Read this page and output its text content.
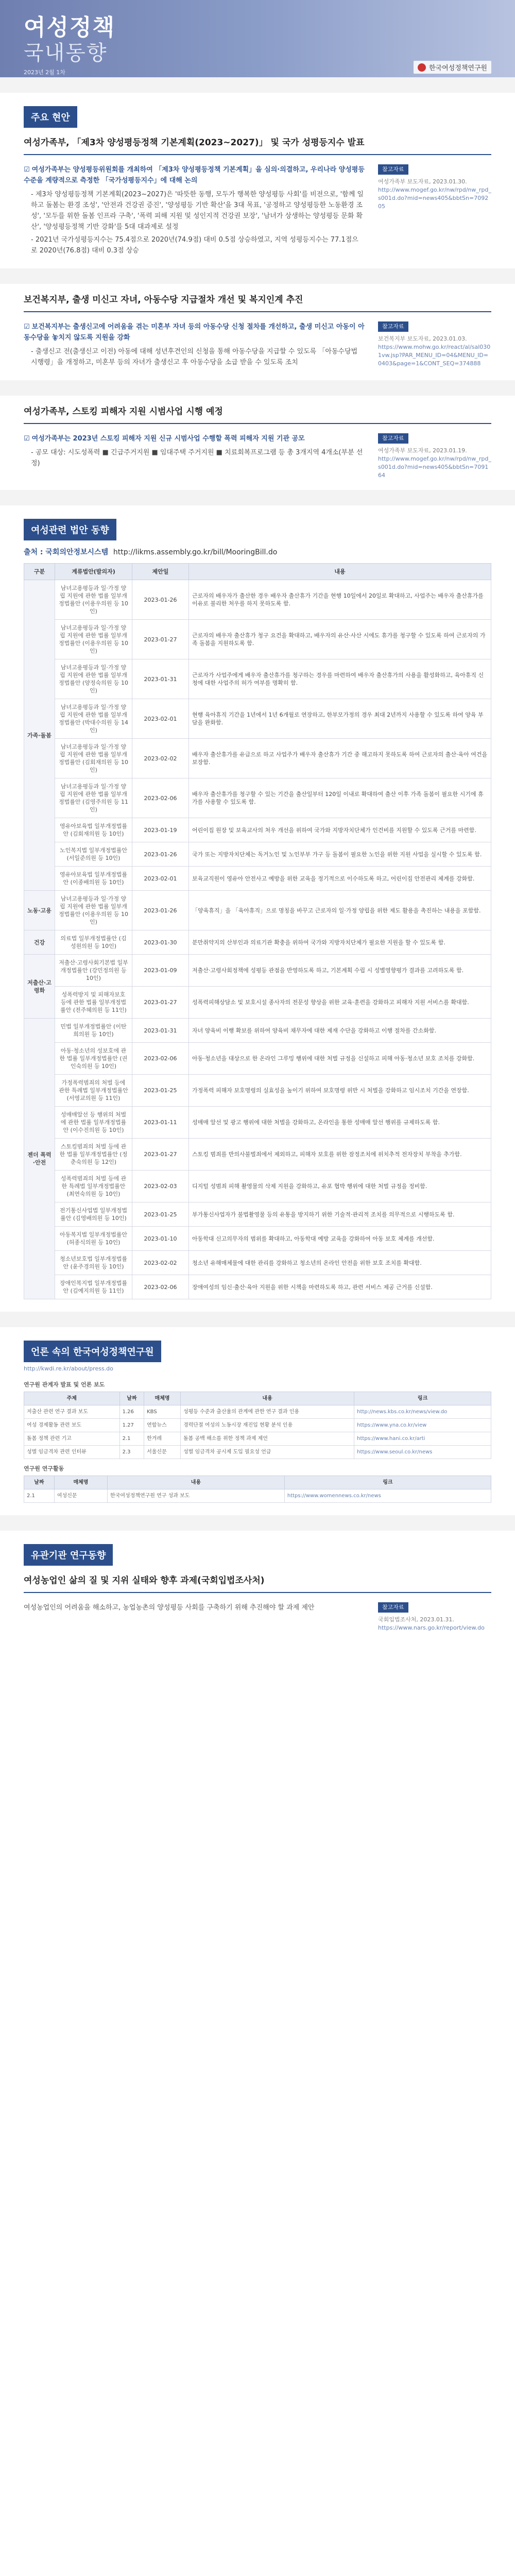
여성정책
국내동향
2023년 2월 1차
한국여성정책연구원
주요 현안
여성가족부, 「제3차 양성평등정책 기본계획(2023~2027)」 및 국가 성평등지수 발표
☑ 여성가족부는 양성평등위원회를 개최하여 「제3차 양성평등정책 기본계획」을 심의·의결하고, 우리나라 양성평등 수준을 계량적으로 측정한 「국가성평등지수」에 대해 논의
- 제3차 양성평등정책 기본계획(2023~2027)은 '따뜻한 동행, 모두가 행복한 양성평등 사회'를 비전으로, '함께 일하고 돌봄는 환경 조성', '안전과 건강권 증진', '양성평등 기반 확산'을 3대 목표, '공정하고 양성평등한 노동환경 조성', '모두를 위한 돌봄 인프라 구축', '폭력 피해 지원 및 성인지적 건강권 보장', '남녀가 상생하는 양성평등 문화 확산', '양성평등정책 기반 강화'를 5대 대과제로 설정
- 2021년 국가성평등지수는 75.4점으로 2020년(74.9점) 대비 0.5점 상승하였고, 지역 성평등지수는 77.1점으로 2020년(76.8점) 대비 0.3점 상승
참고자료
여성가족부 보도자료, 2023.01.30.
http://www.mogef.go.kr/nw/rpd/nw_rpd_s001d.do?mid=news405&bbtSn=709205
보건복지부, 출생 미신고 자녀, 아동수당 지급절차 개선 및 복지인계 추진
☑ 보건복지부는 출생신고에 어려움을 겪는 미혼부 자녀 등의 아동수당 신청 절차를 개선하고, 출생 미신고 아동이 아동수당을 놓치지 않도록 지원을 강화
- 출생신고 전(출생신고 이전) 아동에 대해 성년후견인의 신청을 통해 아동수당을 지급할 수 있도록 「아동수당법 시행령」을 개정하고, 미혼부 등의 자녀가 출생신고 후 아동수당을 소급 받을 수 있도록 조치
참고자료
보건복지부 보도자료, 2023.01.03.
https://www.mohw.go.kr/react/al/sal0301vw.jsp?PAR_MENU_ID=04&MENU_ID=0403&page=1&CONT_SEQ=374888
여성가족부, 스토킹 피해자 지원 시범사업 시행 예정
☑ 여성가족부는 2023년 스토킹 피해자 지원 신규 시범사업 수행할 폭력 피해자 지원 기관 공모
- 공모 대상: 시도성폭력 ■ 긴급주거지원 ■ 임대주택 주거지원 ■ 치료회복프로그램 등 총 3개지역 4개소(부분 선정)
참고자료
여성가족부 보도자료, 2023.01.19.
http://www.mogef.go.kr/nw/rpd/nw_rpd_s001d.do?mid=news405&bbtSn=709164
여성관련 법안 동향
출처 : 국회의안정보시스템 http://likms.assembly.go.kr/bill/MooringBill.do
구분	계류법안(발의자)	제안일	내용
가족·돌봄	남녀고용평등과 일·가정 양립 지원에 관한 법률 일부개정법률안 (이용우의원 등 10인)	2023-01-26	근로자의 배우자가 출산한 경우 배우자 출산휴가 기간을 현행 10일에서 20일로 확대하고, 사업주는 배우자 출산휴가를 이유로 불리한 처우를 하지 못하도록 함.
	남녀고용평등과 일·가정 양립 지원에 관한 법률 일부개정법률안 (이용우의원 등 10인)	2023-01-27	근로자의 배우자 출산휴가 청구 요건을 확대하고, 배우자의 유산·사산 시에도 휴가를 청구할 수 있도록 하여 근로자의 가족 돌봄을 지원하도록 함.
	남녀고용평등과 일·가정 양립 지원에 관한 법률 일부개정법률안 (양정숙의원 등 10인)	2023-01-31	근로자가 사업주에게 배우자 출산휴가를 청구하는 경우를 마련하여 배우자 출산휴가의 사용을 활성화하고, 육아휴직 신청에 대한 사업주의 허가 여부를 명확히 함.
	남녀고용평등과 일·가정 양립 지원에 관한 법률 일부개정법률안 (박대수의원 등 14인)	2023-02-01	현행 육아휴직 기간을 1년에서 1년 6개월로 연장하고, 한부모가정의 경우 최대 2년까지 사용할 수 있도록 하여 양육 부담을 완화함.
	남녀고용평등과 일·가정 양립 지원에 관한 법률 일부개정법률안 (김회재의원 등 10인)	2023-02-02	배우자 출산휴가를 유급으로 하고 사업주가 배우자 출산휴가 기간 중 해고하지 못하도록 하여 근로자의 출산·육아 여건을 보장함.
	남녀고용평등과 일·가정 양립 지원에 관한 법률 일부개정법률안 (김영주의원 등 11인)	2023-02-06	배우자 출산휴가를 청구할 수 있는 기간을 출산일부터 120일 이내로 확대하여 출산 이후 가족 돌봄이 필요한 시기에 휴가를 사용할 수 있도록 함.
	영유아보육법 일부개정법률안 (김회재의원 등 10인)	2023-01-19	어린이집 원장 및 보육교사의 처우 개선을 위하여 국가와 지방자치단체가 인건비를 지원할 수 있도록 근거를 마련함.
	노인복지법 일부개정법률안 (서일준의원 등 10인)	2023-01-26	국가 또는 지방자치단체는 독거노인 및 노인부부 가구 등 돌봄이 필요한 노인을 위한 지원 사업을 실시할 수 있도록 함.
	영유아보육법 일부개정법률안 (이종배의원 등 10인)	2023-02-01	보육교직원이 영유아 안전사고 예방을 위한 교육을 정기적으로 이수하도록 하고, 어린이집 안전관리 체계를 강화함.
노동·고용	남녀고용평등과 일·가정 양립 지원에 관한 법률 일부개정법률안 (이용우의원 등 10인)	2023-01-26	「양육휴직」을 「육아휴직」으로 명칭을 바꾸고 근로자의 일·가정 양립을 위한 제도 활용을 촉진하는 내용을 포함함.
건강	의료법 일부개정법률안 (김성원의원 등 10인)	2023-01-30	분만취약지의 산부인과 의료기관 확충을 위하여 국가와 지방자치단체가 필요한 지원을 할 수 있도록 함.
저출산·고령화	저출산·고령사회기본법 일부개정법률안 (강민정의원 등 10인)	2023-01-09	저출산·고령사회정책에 성평등 관점을 반영하도록 하고, 기본계획 수립 시 성별영향평가 결과를 고려하도록 함.
	성폭력방지 및 피해자보호 등에 관한 법률 일부개정법률안 (전주혜의원 등 11인)	2023-01-27	성폭력피해상담소 및 보호시설 종사자의 전문성 향상을 위한 교육·훈련을 강화하고 피해자 지원 서비스를 확대함.
젠더 폭력·안전	민법 일부개정법률안 (이탄희의원 등 10인)	2023-01-31	자녀 양육비 이행 확보를 위하여 양육비 채무자에 대한 제재 수단을 강화하고 이행 절차를 간소화함.
	아동·청소년의 성보호에 관한 법률 일부개정법률안 (권인숙의원 등 10인)	2023-02-06	아동·청소년을 대상으로 한 온라인 그루밍 행위에 대한 처벌 규정을 신설하고 피해 아동·청소년 보호 조치를 강화함.
	가정폭력범죄의 처벌 등에 관한 특례법 일부개정법률안 (서영교의원 등 11인)	2023-01-25	가정폭력 피해자 보호명령의 실효성을 높이기 위하여 보호명령 위반 시 처벌을 강화하고 임시조치 기간을 연장함.
	성매매알선 등 행위의 처벌에 관한 법률 일부개정법률안 (이수진의원 등 10인)	2023-01-11	성매매 알선 및 광고 행위에 대한 처벌을 강화하고, 온라인을 통한 성매매 알선 행위를 규제하도록 함.
	스토킹범죄의 처벌 등에 관한 법률 일부개정법률안 (정춘숙의원 등 12인)	2023-01-27	스토킹 범죄를 반의사불벌죄에서 제외하고, 피해자 보호를 위한 잠정조치에 위치추적 전자장치 부착을 추가함.
	성폭력범죄의 처벌 등에 관한 특례법 일부개정법률안 (최연숙의원 등 10인)	2023-02-03	디지털 성범죄 피해 촬영물의 삭제 지원을 강화하고, 유포 협박 행위에 대한 처벌 규정을 정비함.
	전기통신사업법 일부개정법률안 (김영배의원 등 10인)	2023-01-25	부가통신사업자가 불법촬영물 등의 유통을 방지하기 위한 기술적·관리적 조치를 의무적으로 시행하도록 함.
	아동복지법 일부개정법률안 (허종식의원 등 10인)	2023-01-10	아동학대 신고의무자의 범위를 확대하고, 아동학대 예방 교육을 강화하여 아동 보호 체계를 개선함.
	청소년보호법 일부개정법률안 (윤주경의원 등 10인)	2023-02-02	청소년 유해매체물에 대한 관리를 강화하고 청소년의 온라인 안전을 위한 보호 조치를 확대함.
	장애인복지법 일부개정법률안 (김예지의원 등 11인)	2023-02-06	장애여성의 임신·출산·육아 지원을 위한 시책을 마련하도록 하고, 관련 서비스 제공 근거를 신설함.
언론 속의 한국여성정책연구원
http://kwdi.re.kr/about/press.do
연구원 관계자 발표 및 언론 보도
주제	날짜	매체명	내용	링크
저출산 관련 연구 결과 보도	1.26	KBS	성평등 수준과 출산율의 관계에 관한 연구 결과 인용	http://news.kbs.co.kr/news/view.do
여성 경제활동 관련 보도	1.27	연합뉴스	경력단절 여성의 노동시장 재진입 현황 분석 인용	https://www.yna.co.kr/view
돌봄 정책 관련 기고	2.1	한겨레	돌봄 공백 해소를 위한 정책 과제 제언	https://www.hani.co.kr/arti
성별 임금격차 관련 인터뷰	2.3	서울신문	성별 임금격차 공시제 도입 필요성 언급	https://www.seoul.co.kr/news
연구원 연구활동
날짜	매체명	내용	링크
2.1	여성신문	한국여성정책연구원 연구 성과 보도	https://www.womennews.co.kr/news
유관기관 연구동향
여성농업인 삶의 질 및 지위 실태와 향후 과제(국회입법조사처)
여성농업인의 어려움을 해소하고, 농업농촌의 양성평등 사회를 구축하기 위해 추진해야 할 과제 제안	참고자료
국회입법조사처, 2023.01.31.
https://www.nars.go.kr/report/view.do
